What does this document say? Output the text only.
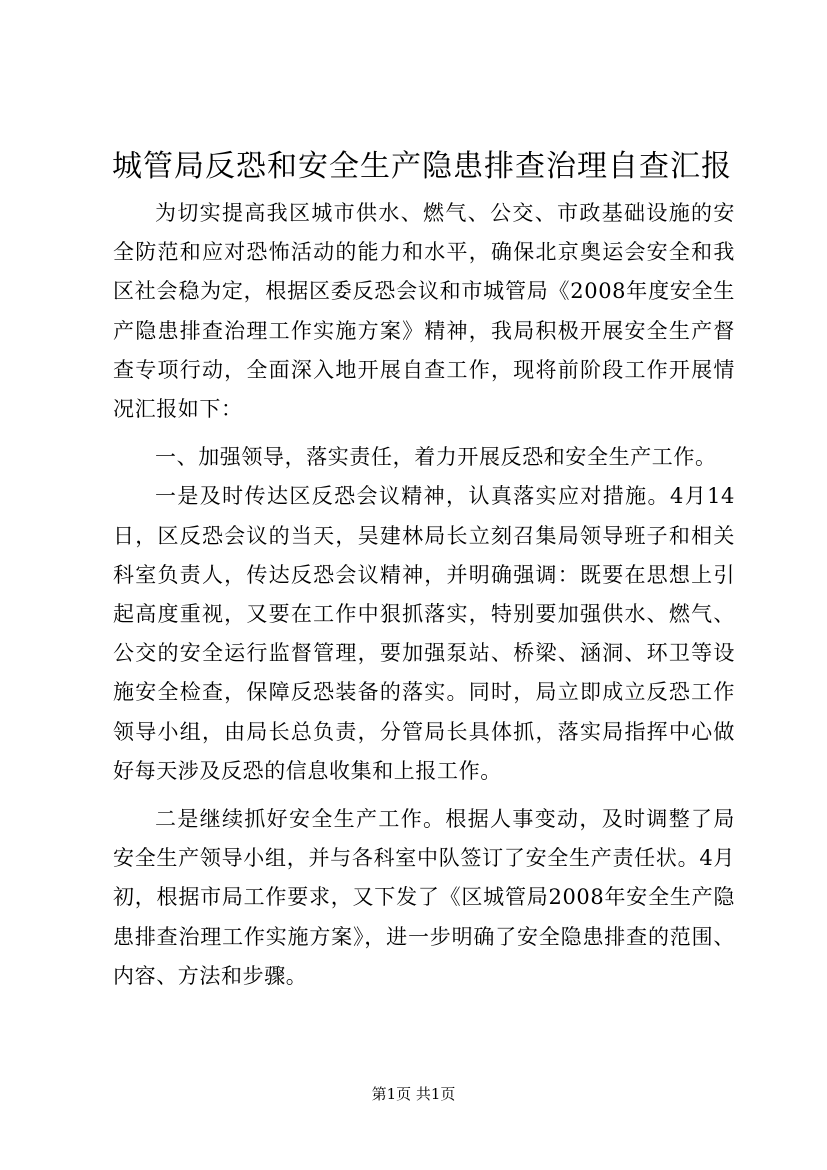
城管局反恐和安全生产隐患排查治理自查汇报

为切实提高我区城市供水、燃气、公交、市政基础设施的安全防范和应对恐怖活动的能力和水平，确保北京奥运会安全和我区社会稳为定，根据区委反恐会议和市城管局《2008年度安全生产隐患排查治理工作实施方案》精神，我局积极开展安全生产督查专项行动，全面深入地开展自查工作，现将前阶段工作开展情况汇报如下：

一、加强领导，落实责任，着力开展反恐和安全生产工作。

一是及时传达区反恐会议精神，认真落实应对措施。4月14日，区反恐会议的当天，吴建林局长立刻召集局领导班子和相关科室负责人，传达反恐会议精神，并明确强调：既要在思想上引起高度重视，又要在工作中狠抓落实，特别要加强供水、燃气、公交的安全运行监督管理，要加强泵站、桥梁、涵洞、环卫等设施安全检查，保障反恐装备的落实。同时，局立即成立反恐工作领导小组，由局长总负责，分管局长具体抓，落实局指挥中心做好每天涉及反恐的信息收集和上报工作。

二是继续抓好安全生产工作。根据人事变动，及时调整了局安全生产领导小组，并与各科室中队签订了安全生产责任状。4月初，根据市局工作要求，又下发了《区城管局2008年安全生产隐患排查治理工作实施方案》，进一步明确了安全隐患排查的范围、内容、方法和步骤。

第1页 共1页
